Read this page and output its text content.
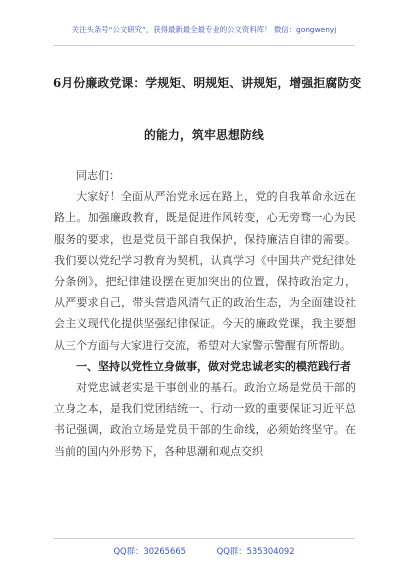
关注头条号“公文研究”，获得最新最全最专业的公文资料库！ 微信：gongwenyj
6月份廉政党课：学规矩、明规矩、讲规矩，增强拒腐防变
的能力，筑牢思想防线

同志们：

大家好！全面从严治党永远在路上，党的自我革命永远在路上。加强廉政教育，既是促进作风转变，心无旁骛一心为民服务的要求，也是党员干部自我保护，保持廉洁自律的需要。我们要以党纪学习教育为契机，认真学习《中国共产党纪律处分条例》，把纪律建设摆在更加突出的位置，保持政治定力，从严要求自己，带头营造风清气正的政治生态，为全面建设社会主义现代化提供坚强纪律保证。今天的廉政党课，我主要想从三个方面与大家进行交流，希望对大家警示警醒有所帮助。

一、坚持以党性立身做事，做对党忠诚老实的模范践行者

对党忠诚老实是干事创业的基石。政治立场是党员干部的立身之本，是我们党团结统一、行动一致的重要保证习近平总书记强调，政治立场是党员干部的生命线，必须始终坚守。在当前的国内外形势下，各种思潮和观点交织

QQ群：30265665	QQ群：535304092
